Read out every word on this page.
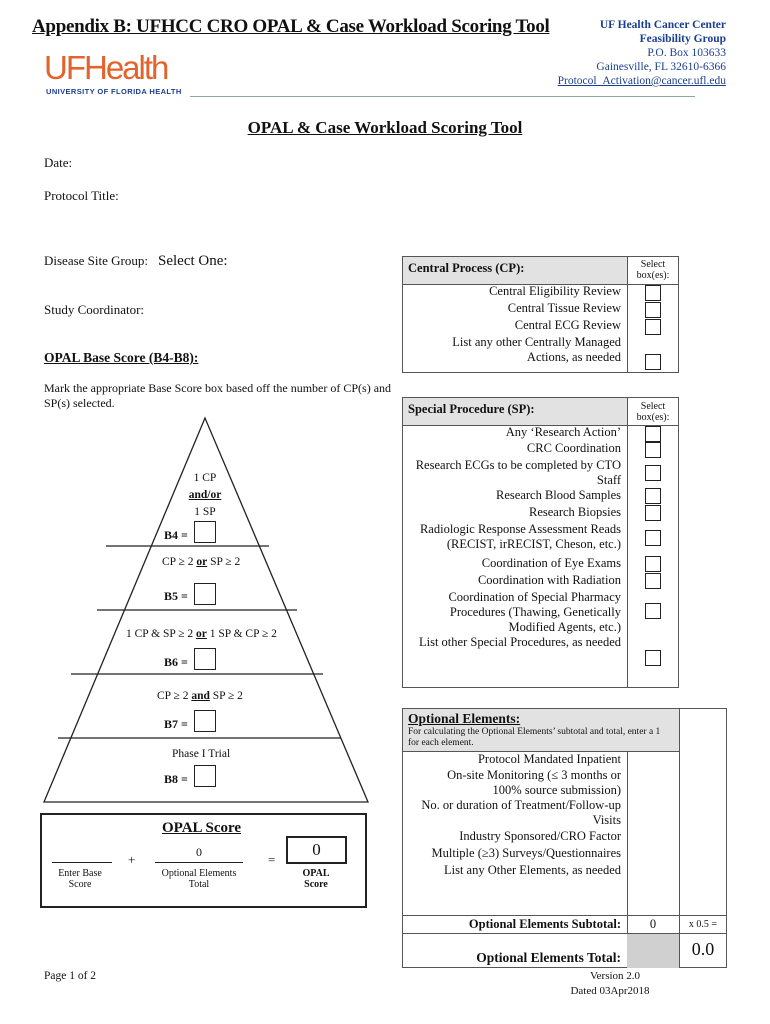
Appendix B: UFHCC CRO OPAL & Case Workload Scoring Tool
UFHealth
UNIVERSITY OF FLORIDA HEALTH
UF Health Cancer Center
Feasibility Group
P.O. Box 103633
Gainesville, FL 32610-6366
Protocol_Activation@cancer.ufl.edu
OPAL & Case Workload Scoring Tool
Date:
Protocol Title:
Disease Site Group: Select One:
Study Coordinator:
OPAL Base Score (B4-B8):
Mark the appropriate Base Score box based off the number of CP(s) and SP(s) selected.
1 CP
and/or
1 SP
B4 =
CP ≥ 2 or SP ≥ 2
B5 =
1 CP & SP ≥ 2 or 1 SP & CP ≥ 2
B6 =
CP ≥ 2 and SP ≥ 2
B7 =
Phase I Trial
B8 =
OPAL Score
+	0	=
0
Enter Base Score
Optional Elements Total
OPAL Score
Central Process (CP):	Select box(es):
Central Eligibility Review
Central Tissue Review
Central ECG Review
List any other Centrally Managed Actions, as needed
Special Procedure (SP):	Select box(es):
Any ‘Research Action’
CRC Coordination
Research ECGs to be completed by CTO Staff
Research Blood Samples
Research Biopsies
Radiologic Response Assessment Reads (RECIST, irRECIST, Cheson, etc.)
Coordination of Eye Exams
Coordination with Radiation
Coordination of Special Pharmacy Procedures (Thawing, Genetically Modified Agents, etc.)
List other Special Procedures, as needed
Optional Elements:
For calculating the Optional Elements’ subtotal and total, enter a 1 for each element.
Protocol Mandated Inpatient
On-site Monitoring (≤ 3 months or 100% source submission)
No. or duration of Treatment/Follow-up Visits
Industry Sponsored/CRO Factor
Multiple (≥3) Surveys/Questionnaires
List any Other Elements, as needed
Optional Elements Subtotal:	0	x 0.5 =
Optional Elements Total:	0.0
Page 1 of 2	Version 2.0
Dated 03Apr2018
